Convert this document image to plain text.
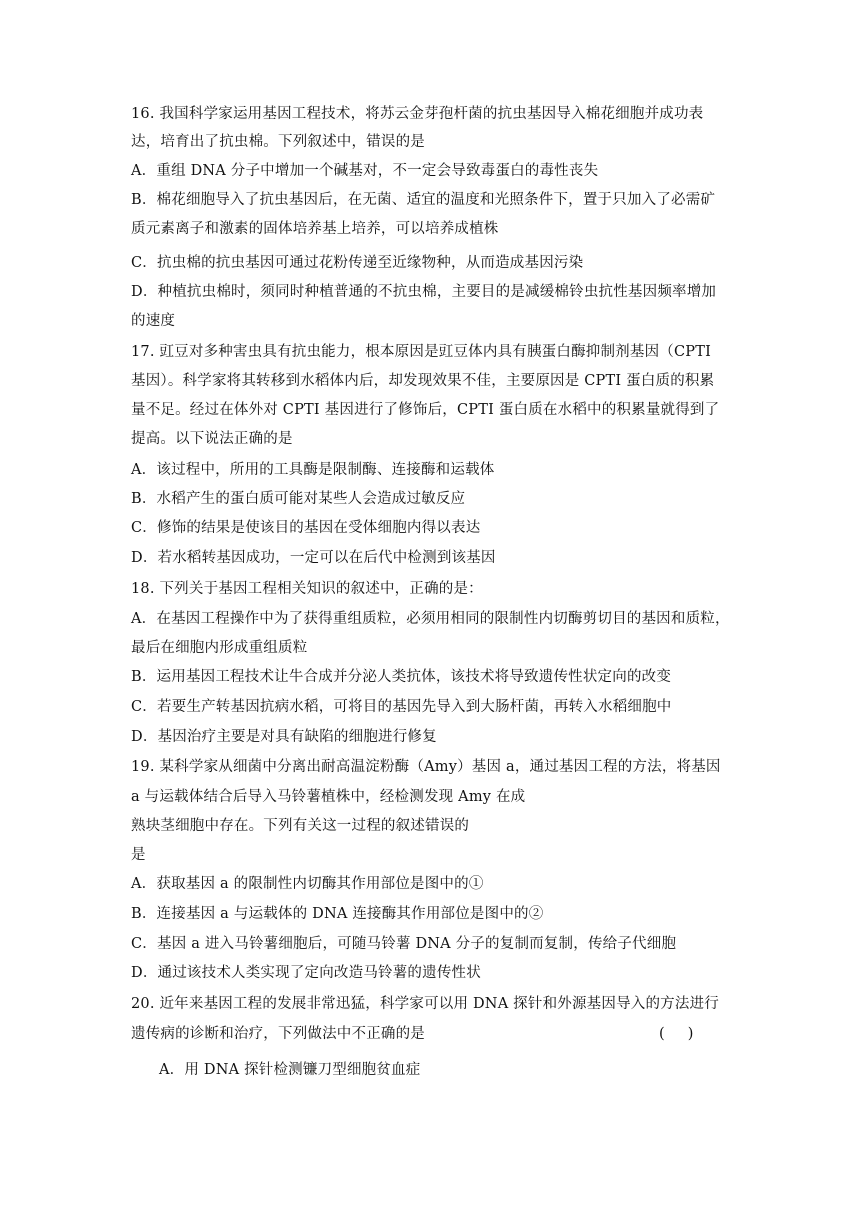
16. 我国科学家运用基因工程技术，将苏云金芽孢杆菌的抗虫基因导入棉花细胞并成功表
达，培育出了抗虫棉。下列叙述中，错误的是
A．重组 DNA 分子中增加一个碱基对，不一定会导致毒蛋白的毒性丧失
B．棉花细胞导入了抗虫基因后，在无菌、适宜的温度和光照条件下，置于只加入了必需矿
质元素离子和激素的固体培养基上培养，可以培养成植株
C．抗虫棉的抗虫基因可通过花粉传递至近缘物种，从而造成基因污染
D．种植抗虫棉时，须同时种植普通的不抗虫棉，主要目的是减缓棉铃虫抗性基因频率增加
的速度
17. 豇豆对多种害虫具有抗虫能力，根本原因是豇豆体内具有胰蛋白酶抑制剂基因（CPTI
基因）。科学家将其转移到水稻体内后，却发现效果不佳，主要原因是 CPTI 蛋白质的积累
量不足。经过在体外对 CPTI 基因进行了修饰后，CPTI 蛋白质在水稻中的积累量就得到了
提高。以下说法正确的是
A．该过程中，所用的工具酶是限制酶、连接酶和运载体
B．水稻产生的蛋白质可能对某些人会造成过敏反应
C．修饰的结果是使该目的基因在受体细胞内得以表达
D．若水稻转基因成功，一定可以在后代中检测到该基因
18. 下列关于基因工程相关知识的叙述中，正确的是：
A．在基因工程操作中为了获得重组质粒，必须用相同的限制性内切酶剪切目的基因和质粒，
最后在细胞内形成重组质粒
B．运用基因工程技术让牛合成并分泌人类抗体，该技术将导致遗传性状定向的改变
C．若要生产转基因抗病水稻，可将目的基因先导入到大肠杆菌，再转入水稻细胞中
D．基因治疗主要是对具有缺陷的细胞进行修复
19. 某科学家从细菌中分离出耐高温淀粉酶（Amy）基因 a，通过基因工程的方法，将基因
a 与运载体结合后导入马铃薯植株中，经检测发现 Amy 在成
熟块茎细胞中存在。下列有关这一过程的叙述错误的
是
A．获取基因 a 的限制性内切酶其作用部位是图中的①
B．连接基因 a 与运载体的 DNA 连接酶其作用部位是图中的②
C．基因 a 进入马铃薯细胞后，可随马铃薯 DNA 分子的复制而复制，传给子代细胞
D．通过该技术人类实现了定向改造马铃薯的遗传性状
20. 近年来基因工程的发展非常迅猛，科学家可以用 DNA 探针和外源基因导入的方法进行
遗传病的诊断和治疗，下列做法中不正确的是	(     )
A．用 DNA 探针检测镰刀型细胞贫血症
